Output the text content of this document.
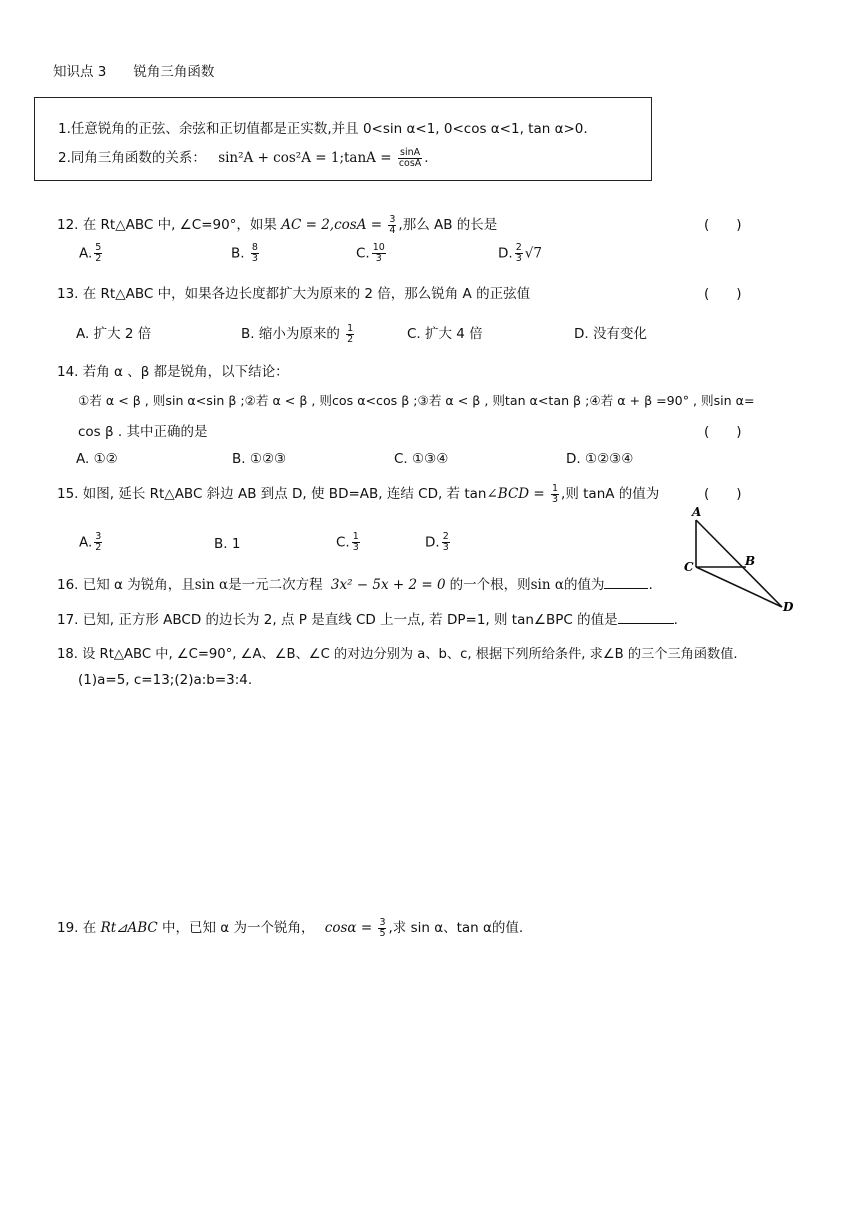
知识点 3　　锐角三角函数
1.任意锐角的正弦、余弦和正切值都是正实数,并且 0<sin α<1, 0<cos α<1, tan α>0.
2.同角三角函数的关系： sin²A + cos²A = 1;tanA = $\frac{\sin A}{\cos A}$ .
12. 在 Rt△ABC 中, ∠C=90°，如果 AC = $2,\cos A = \frac{3}{4}$ ,那么 AB 的长是	(　　)
A. $\frac{5}{2}$	B. $\frac{8}{3}$	C. $\frac{10}{3}$	D. $\frac{2}{3} √7$
13. 在 Rt△ABC 中，如果各边长度都扩大为原来的 2 倍，那么锐角 A 的正弦值	(　　)
A. 扩大 2 倍	B. 缩小为原来的 $\frac{1}{2}$	C. 扩大 4 倍	D. 没有变化
14. 若角 α 、β 都是锐角，以下结论：
①若 α < β , 则sin α<sin β ;②若 α < β , 则cos α<cos β ;③若 α < β , 则tan α<tan β ;④若 α + β =90° , 则sin α=
cos β . 其中正确的是	(　　)
A. ①②	B. ①②③	C. ①③④	D. ①②③④
15. 如图, 延长 Rt△ABC 斜边 AB 到点 D, 使 BD=AB, 连结 CD, 若 tan∠BCD = $\frac{1}{3}$ ,则 tanA 的值为	(　　)
A. $\frac{3}{2}$	B. 1	C. $\frac{1}{3}$	D. $\frac{2}{3}$
A
C	B
D
16. 已知 α 为锐角，且sin α是一元二次方程 3x² − 5x + 2 = 0 的一个根，则sin α的值为	.
17. 已知, 正方形 ABCD 的边长为 2, 点 P 是直线 CD 上一点, 若 DP=1, 则 tan∠BPC 的值是	.
18. 设 Rt△ABC 中, ∠C=90°, ∠A、∠B、∠C 的对边分别为 a、b、c, 根据下列所给条件, 求∠B 的三个三角函数值.
(1)a=5, c=13;(2)a:b=3:4.
19. 在 Rt⊿ABC 中，已知 α 为一个锐角， $\cos\alpha = \frac{3}{5}$ ,求 sin α、tan α的值.
